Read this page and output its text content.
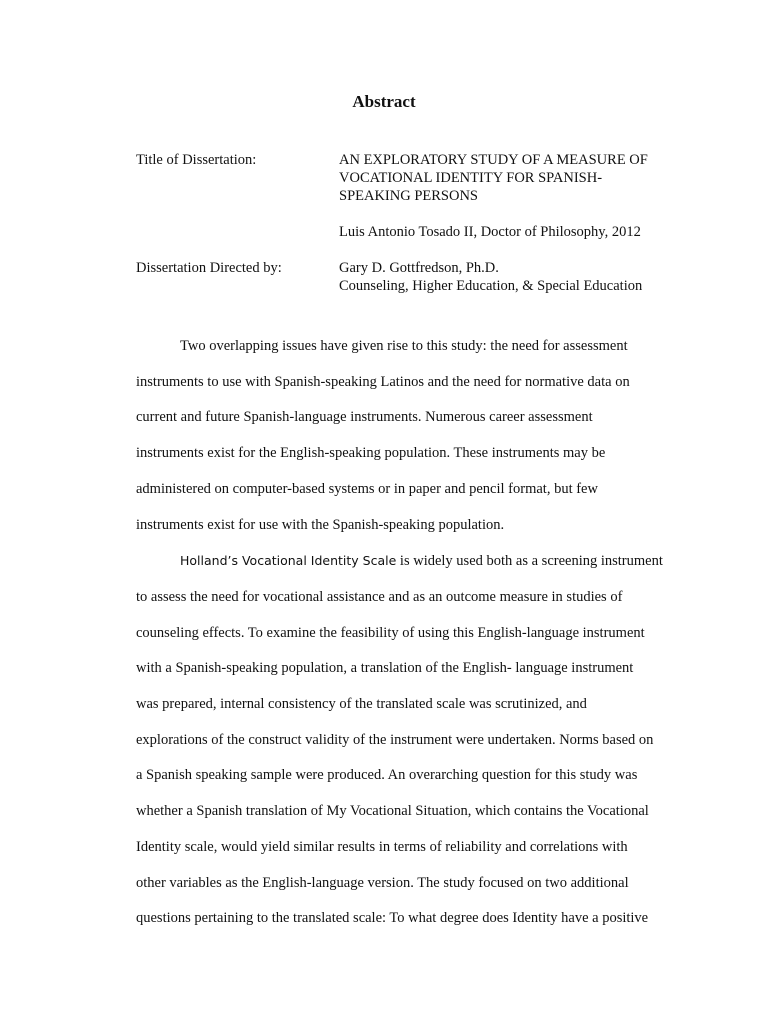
Abstract
Title of Dissertation:	AN EXPLORATORY STUDY OF A MEASURE OF
VOCATIONAL IDENTITY FOR SPANISH-
SPEAKING PERSONS
Luis Antonio Tosado II, Doctor of Philosophy, 2012
Dissertation Directed by:	Gary D. Gottfredson, Ph.D.
Counseling, Higher Education, & Special Education
Two overlapping issues have given rise to this study: the need for assessment
instruments to use with Spanish-speaking Latinos and the need for normative data on
current and future Spanish-language instruments. Numerous career assessment
instruments exist for the English-speaking population. These instruments may be
administered on computer-based systems or in paper and pencil format, but few
instruments exist for use with the Spanish-speaking population.
Holland’s Vocational Identity Scale is widely used both as a screening instrument
to assess the need for vocational assistance and as an outcome measure in studies of
counseling effects. To examine the feasibility of using this English-language instrument
with a Spanish-speaking population, a translation of the English- language instrument
was prepared, internal consistency of the translated scale was scrutinized, and
explorations of the construct validity of the instrument were undertaken. Norms based on
a Spanish speaking sample were produced. An overarching question for this study was
whether a Spanish translation of My Vocational Situation, which contains the Vocational
Identity scale, would yield similar results in terms of reliability and correlations with
other variables as the English-language version. The study focused on two additional
questions pertaining to the translated scale: To what degree does Identity have a positive
